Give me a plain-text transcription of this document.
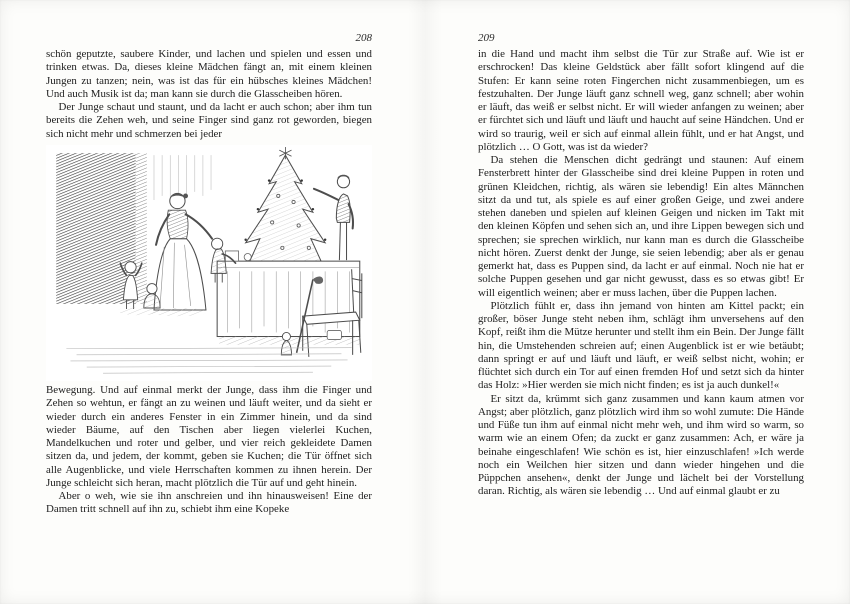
208

schön geputzte, saubere Kinder, und lachen und spielen und essen und trinken etwas. Da, dieses kleine Mädchen fängt an, mit einem kleinen Jungen zu tanzen; nein, was ist das für ein hübsches kleines Mädchen! Und auch Musik ist da; man kann sie durch die Glasscheiben hören.

Der Junge schaut und staunt, und da lacht er auch schon; aber ihm tun bereits die Zehen weh, und seine Finger sind ganz rot geworden, biegen sich nicht mehr und schmerzen bei jeder

Bewegung. Und auf einmal merkt der Junge, dass ihm die Finger und Zehen so wehtun, er fängt an zu weinen und läuft weiter, und da sieht er wieder durch ein anderes Fenster in ein Zimmer hinein, und da sind wieder Bäume, auf den Tischen aber liegen vielerlei Kuchen, Mandelkuchen und roter und gelber, und vier reich gekleidete Damen sitzen da, und jedem, der kommt, geben sie Kuchen; die Tür öffnet sich alle Augenblicke, und viele Herrschaften kommen zu ihnen herein. Der Junge schleicht sich heran, macht plötzlich die Tür auf und geht hinein.

Aber o weh, wie sie ihn anschreien und ihn hinausweisen! Eine der Damen tritt schnell auf ihn zu, schiebt ihm eine Kopeke

209

in die Hand und macht ihm selbst die Tür zur Straße auf. Wie ist er erschrocken! Das kleine Geldstück aber fällt sofort klingend auf die Stufen: Er kann seine roten Fingerchen nicht zusammenbiegen, um es festzuhalten. Der Junge läuft ganz schnell weg, ganz schnell; aber wohin er läuft, das weiß er selbst nicht. Er will wieder anfangen zu weinen; aber er fürchtet sich und läuft und läuft und haucht auf seine Händchen. Und er wird so traurig, weil er sich auf einmal allein fühlt, und er hat Angst, und plötzlich … O Gott, was ist da wieder?

Da stehen die Menschen dicht gedrängt und staunen: Auf einem Fensterbrett hinter der Glasscheibe sind drei kleine Puppen in roten und grünen Kleidchen, richtig, als wären sie lebendig! Ein altes Männchen sitzt da und tut, als spiele es auf einer großen Geige, und zwei andere stehen daneben und spielen auf kleinen Geigen und nicken im Takt mit den kleinen Köpfen und sehen sich an, und ihre Lippen bewegen sich und sprechen; sie sprechen wirklich, nur kann man es durch die Glasscheibe nicht hören. Zuerst denkt der Junge, sie seien lebendig; aber als er genau gemerkt hat, dass es Puppen sind, da lacht er auf einmal. Noch nie hat er solche Puppen gesehen und gar nicht gewusst, dass es so etwas gibt! Er will eigentlich weinen; aber er muss lachen, über die Puppen lachen.

Plötzlich fühlt er, dass ihn jemand von hinten am Kittel packt; ein großer, böser Junge steht neben ihm, schlägt ihm unversehens auf den Kopf, reißt ihm die Mütze herunter und stellt ihm ein Bein. Der Junge fällt hin, die Umstehenden schreien auf; einen Augenblick ist er wie betäubt; dann springt er auf und läuft und läuft, er weiß selbst nicht, wohin; er flüchtet sich durch ein Tor auf einen fremden Hof und setzt sich da hinter das Holz: »Hier werden sie mich nicht finden; es ist ja auch dunkel!«

Er sitzt da, krümmt sich ganz zusammen und kann kaum atmen vor Angst; aber plötzlich, ganz plötzlich wird ihm so wohl zumute: Die Hände und Füße tun ihm auf einmal nicht mehr weh, und ihm wird so warm, so warm wie an einem Ofen; da zuckt er ganz zusammen: Ach, er wäre ja beinahe eingeschlafen! Wie schön es ist, hier einzuschlafen! »Ich werde noch ein Weilchen hier sitzen und dann wieder hingehen und die Püppchen ansehen«, denkt der Junge und lächelt bei der Vorstellung daran. Richtig, als wären sie lebendig … Und auf einmal glaubt er zu
